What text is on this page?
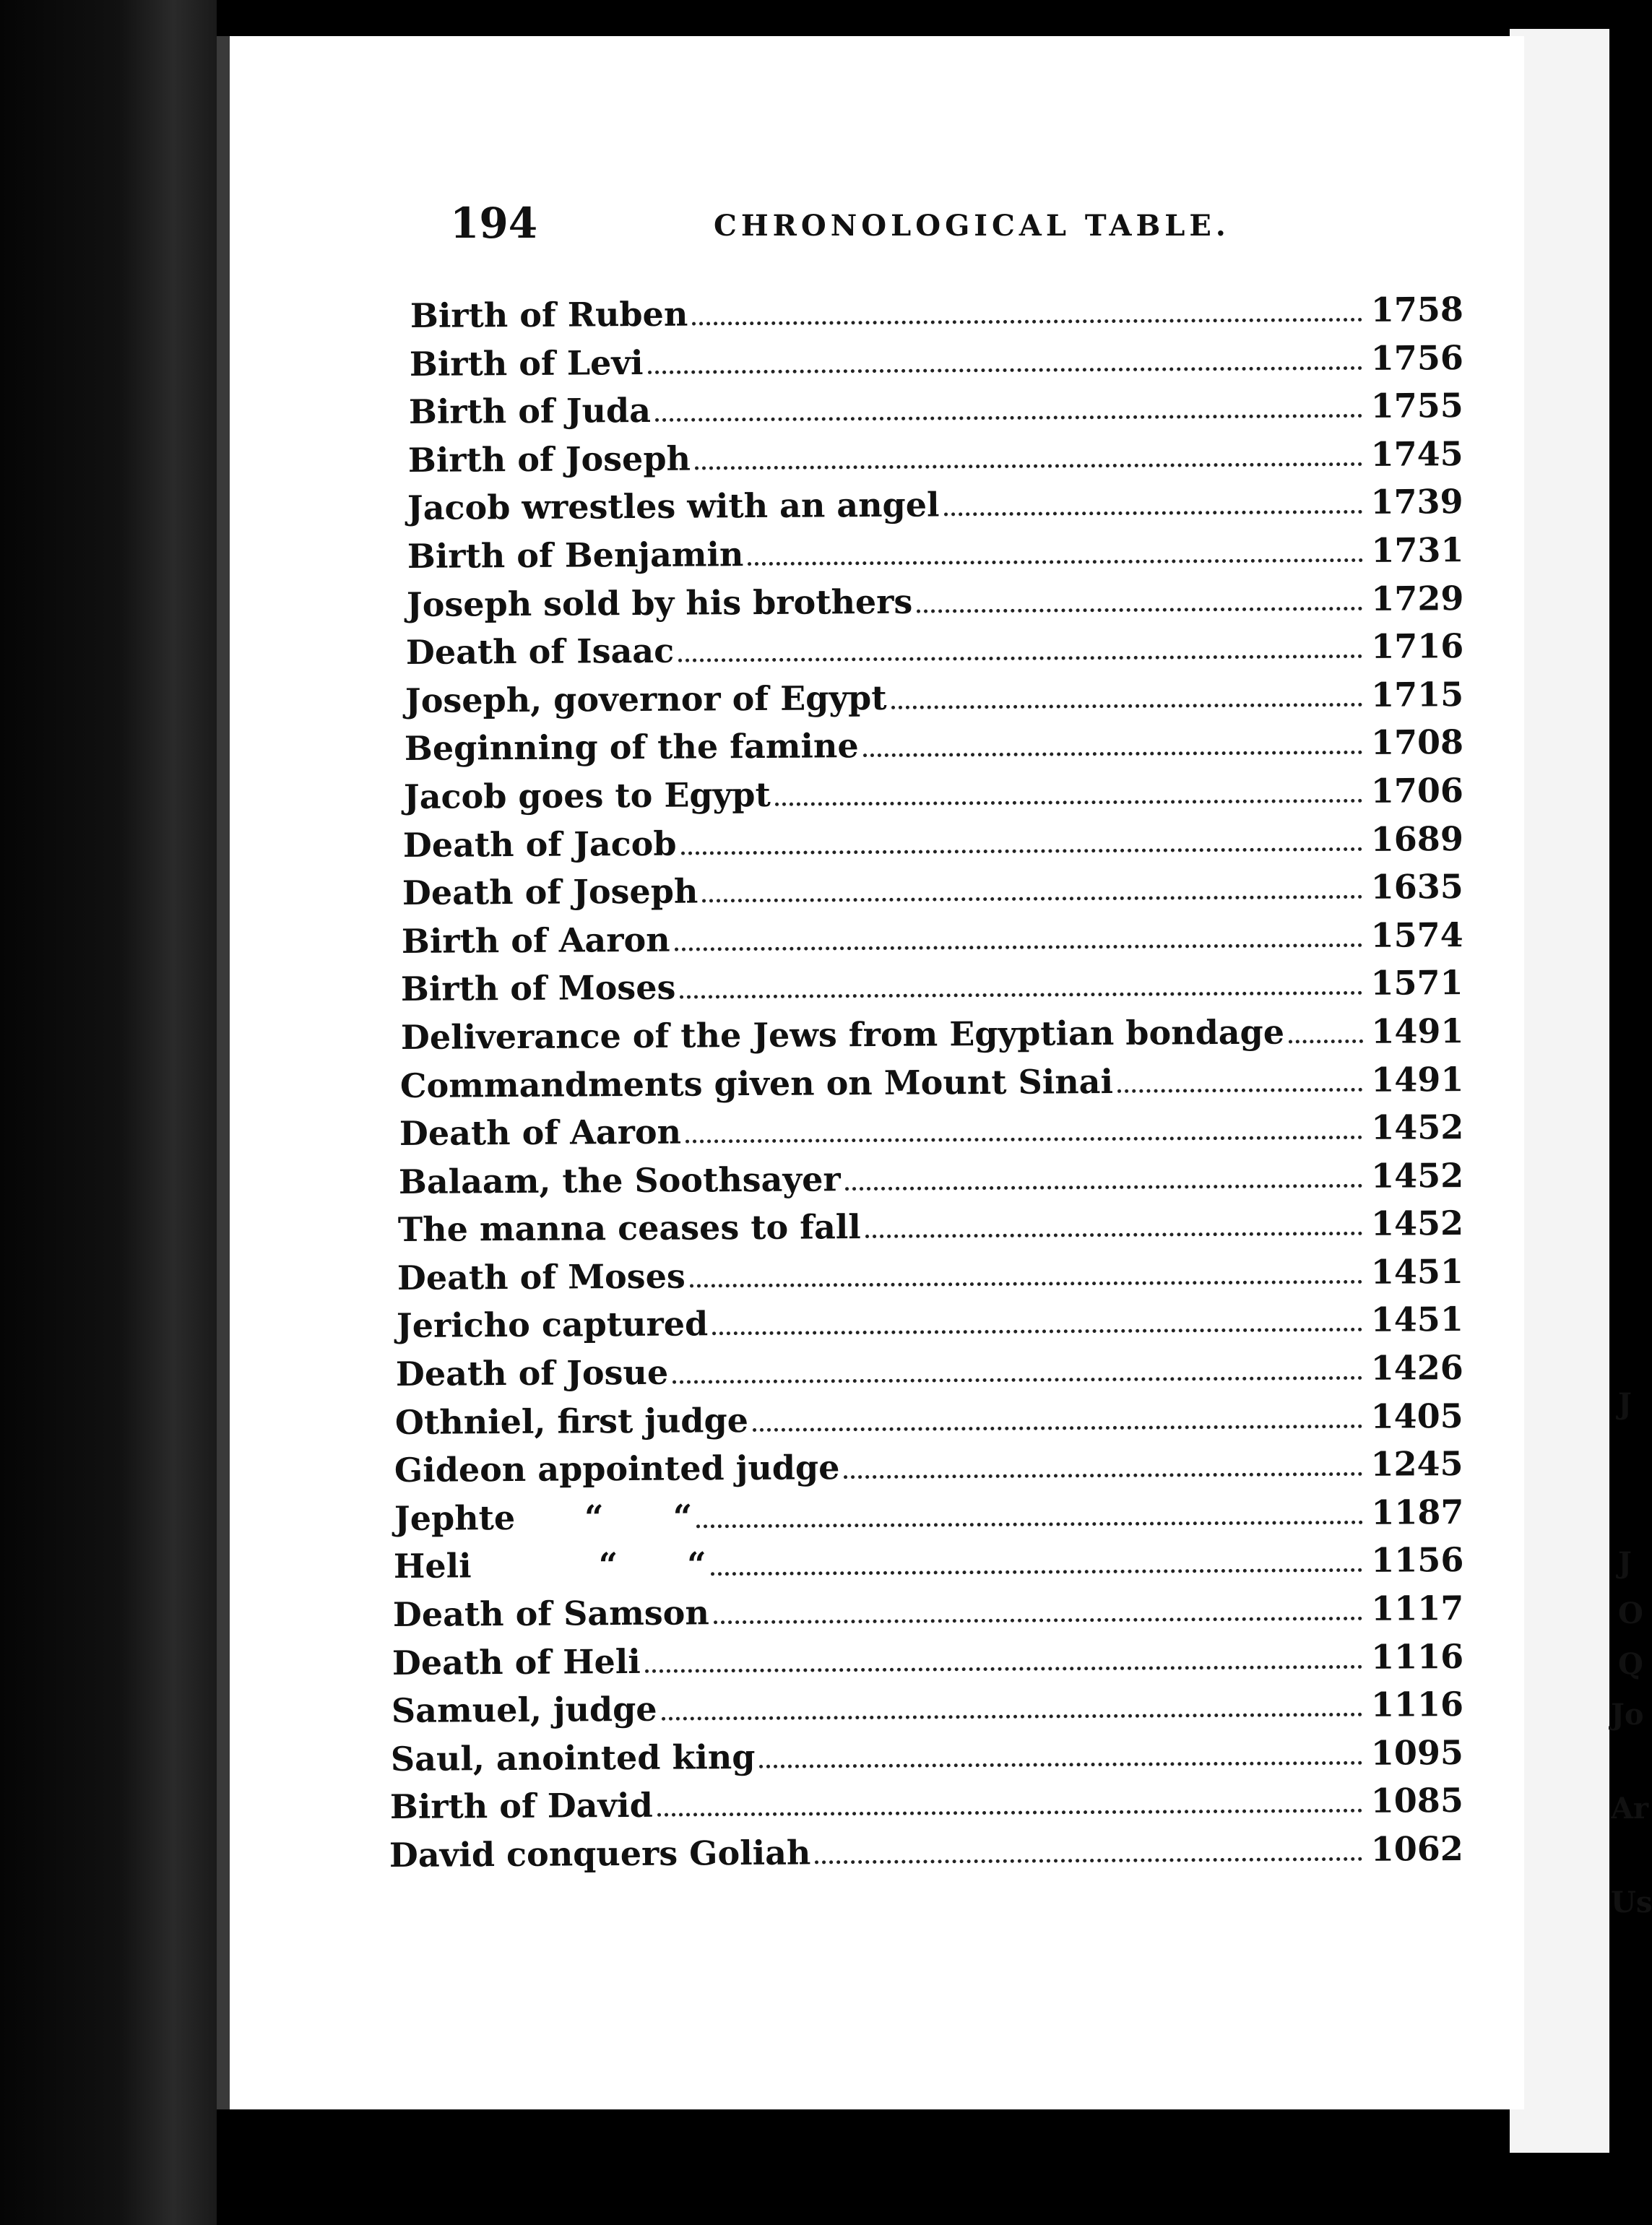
J
J
O
Q
Jo
Ar
Us
194	CHRONOLOGICAL TABLE.
Birth of Ruben	1758
Birth of Levi	1756
Birth of Juda	1755
Birth of Joseph	1745
Jacob wrestles with an angel	1739
Birth of Benjamin	1731
Joseph sold by his brothers	1729
Death of Isaac	1716
Joseph, governor of Egypt	1715
Beginning of the famine	1708
Jacob goes to Egypt	1706
Death of Jacob	1689
Death of Joseph	1635
Birth of Aaron	1574
Birth of Moses	1571
Deliverance of the Jews from Egyptian bondage	1491
Commandments given on Mount Sinai	1491
Death of Aaron	1452
Balaam, the Soothsayer	1452
The manna ceases to fall	1452
Death of Moses	1451
Jericho captured	1451
Death of Josue	1426
Othniel, first judge	1405
Gideon appointed judge	1245
Jephte      “      “	1187
Heli           “      “	1156
Death of Samson	1117
Death of Heli	1116
Samuel, judge	1116
Saul, anointed king	1095
Birth of David	1085
David conquers Goliah	1062
